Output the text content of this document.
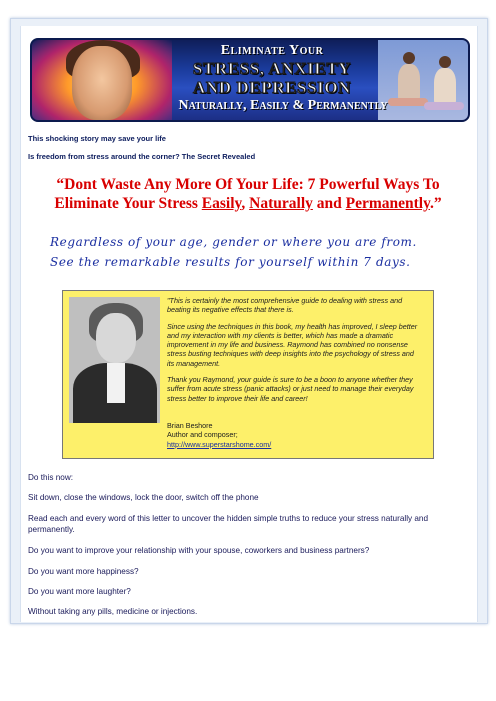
Eliminate Your
STRESS, ANXIETY
AND DEPRESSION
Naturally, Easily & Permanently
This shocking story may save your life
Is freedom from stress around the corner? The Secret Revealed
“Dont Waste Any More Of Your Life: 7 Powerful Ways To Eliminate Your Stress Easily, Naturally and Permanently.”
Regardless of your age, gender or where you are from.
See the remarkable results for yourself within 7 days.

"This is certainly the most comprehensive guide to dealing with stress and beating its negative effects that there is.

Since using the techniques in this book, my health has improved, I sleep better and my interaction with my clients is better, which has made a dramatic improvement in my life and business. Raymond has combined no nonsense stress busting techniques with deep insights into the psychology of stress and its management.

Thank you Raymond, your guide is sure to be a boon to anyone whether they suffer from acute stress (panic attacks) or just need to manage their everyday stress better to improve their life and career!

Brian Beshore
Author and composer;
http://www.superstarshome.com/
Do this now:
Sit down, close the windows, lock the door, switch off the phone
Read each and every word of this letter to uncover the hidden simple truths to reduce your stress naturally and permanently.
Do you want to improve your relationship with your spouse, coworkers and business partners?
Do you want more happiness?
Do you want more laughter?
Without taking any pills, medicine or injections.
